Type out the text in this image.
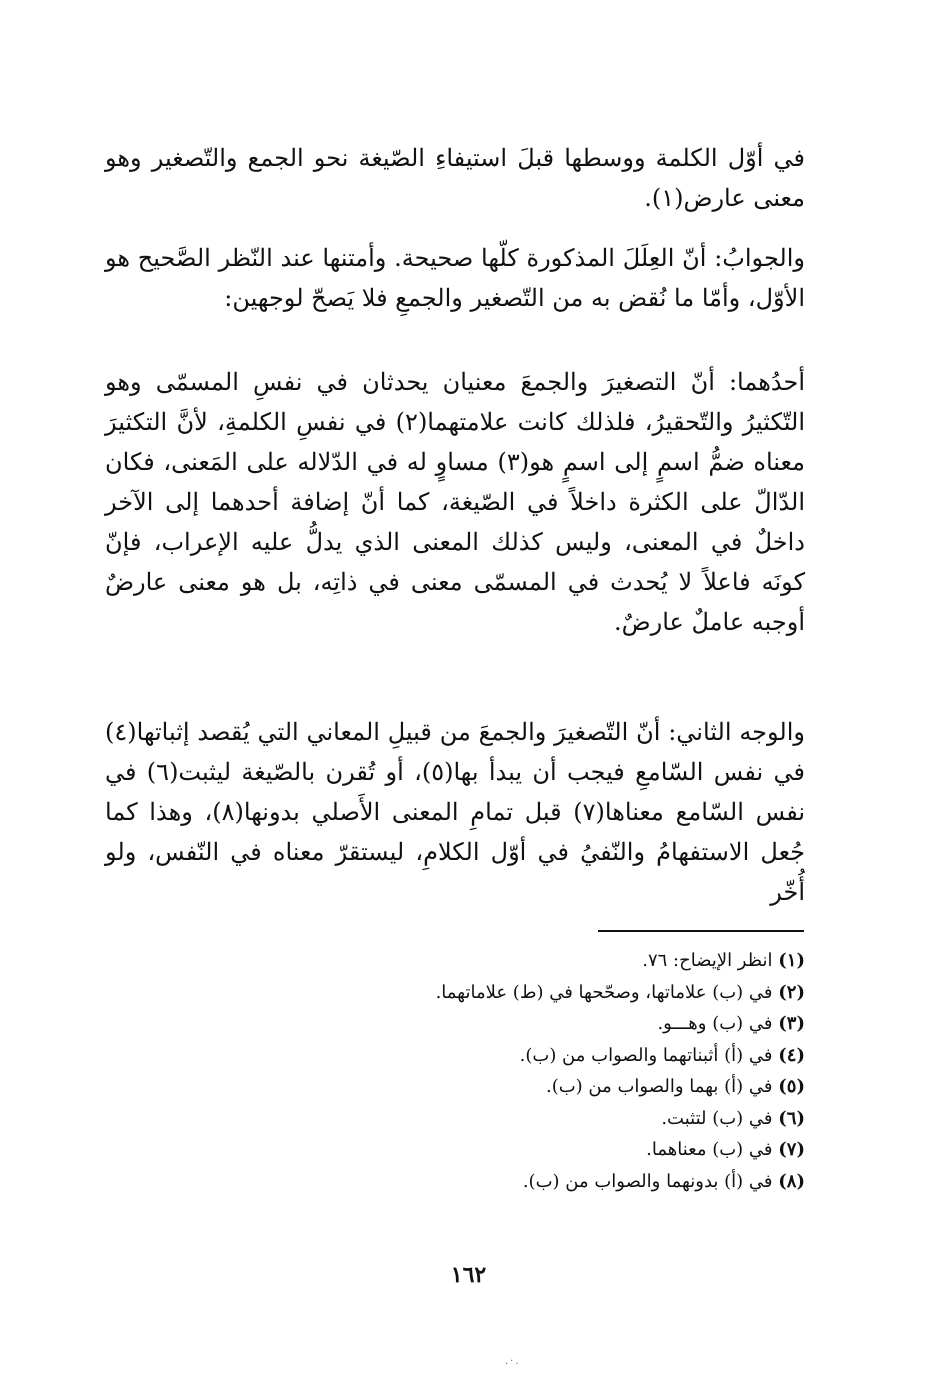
في أوّل الكلمة ووسطها قبلَ استيفاءِ الصّيغة نحو الجمع والتّصغير وهو معنى عارض(١).

والجوابُ: أنّ العِلَلَ المذكورة كلّها صحيحة. وأمتنها عند النّظر الصَّحيح هو الأوّل، وأمّا ما نُقض به من التّصغير والجمعِ فلا يَصحّ لوجهين:

أحدُهما: أنّ التصغيرَ والجمعَ معنيان يحدثان في نفسِ المسمّى وهو التّكثيرُ والتّحقيرُ، فلذلك كانت علامتهما(٢) في نفسِ الكلمةِ، لأنَّ التكثيرَ معناه ضمُّ اسمٍ إلى اسمٍ هو(٣) مساوٍ له في الدّلاله على المَعنى، فكان الدّالّ على الكثرة داخلاً في الصّيغة، كما أنّ إضافة أحدهما إلى الآخر داخلٌ في المعنى، وليس كذلك المعنى الذي يدلُّ عليه الإعراب، فإنّ كونَه فاعلاً لا يُحدث في المسمّى معنى في ذاتِه، بل هو معنى عارضٌ أوجبه عاملٌ عارضٌ.

والوجه الثاني: أنّ التّصغيرَ والجمعَ من قبيلِ المعاني التي يُقصد إثباتها(٤) في نفس السّامعِ فيجب أن يبدأ بها(٥)، أو تُقرن بالصّيغة ليثبت(٦) في نفس السّامع معناها(٧) قبل تمامِ المعنى الأَصلي بدونها(٨)، وهذا كما جُعل الاستفهامُ والنّفيُ في أوّل الكلامِ، ليستقرّ معناه في النّفس، ولو أُخّر

(١) انظر الإيضاح: ٧٦.
(٢) في (ب) علاماتها، وصحّحها في (ط) علاماتهما.
(٣) في (ب) وهـــو.
(٤) في (أ) أثبناتهما والصواب من (ب).
(٥) في (أ) بهما والصواب من (ب).
(٦) في (ب) لتثبت.
(٧) في (ب) معناهما.
(٨) في (أ) بدونهما والصواب من (ب).
١٦٢
.·.
